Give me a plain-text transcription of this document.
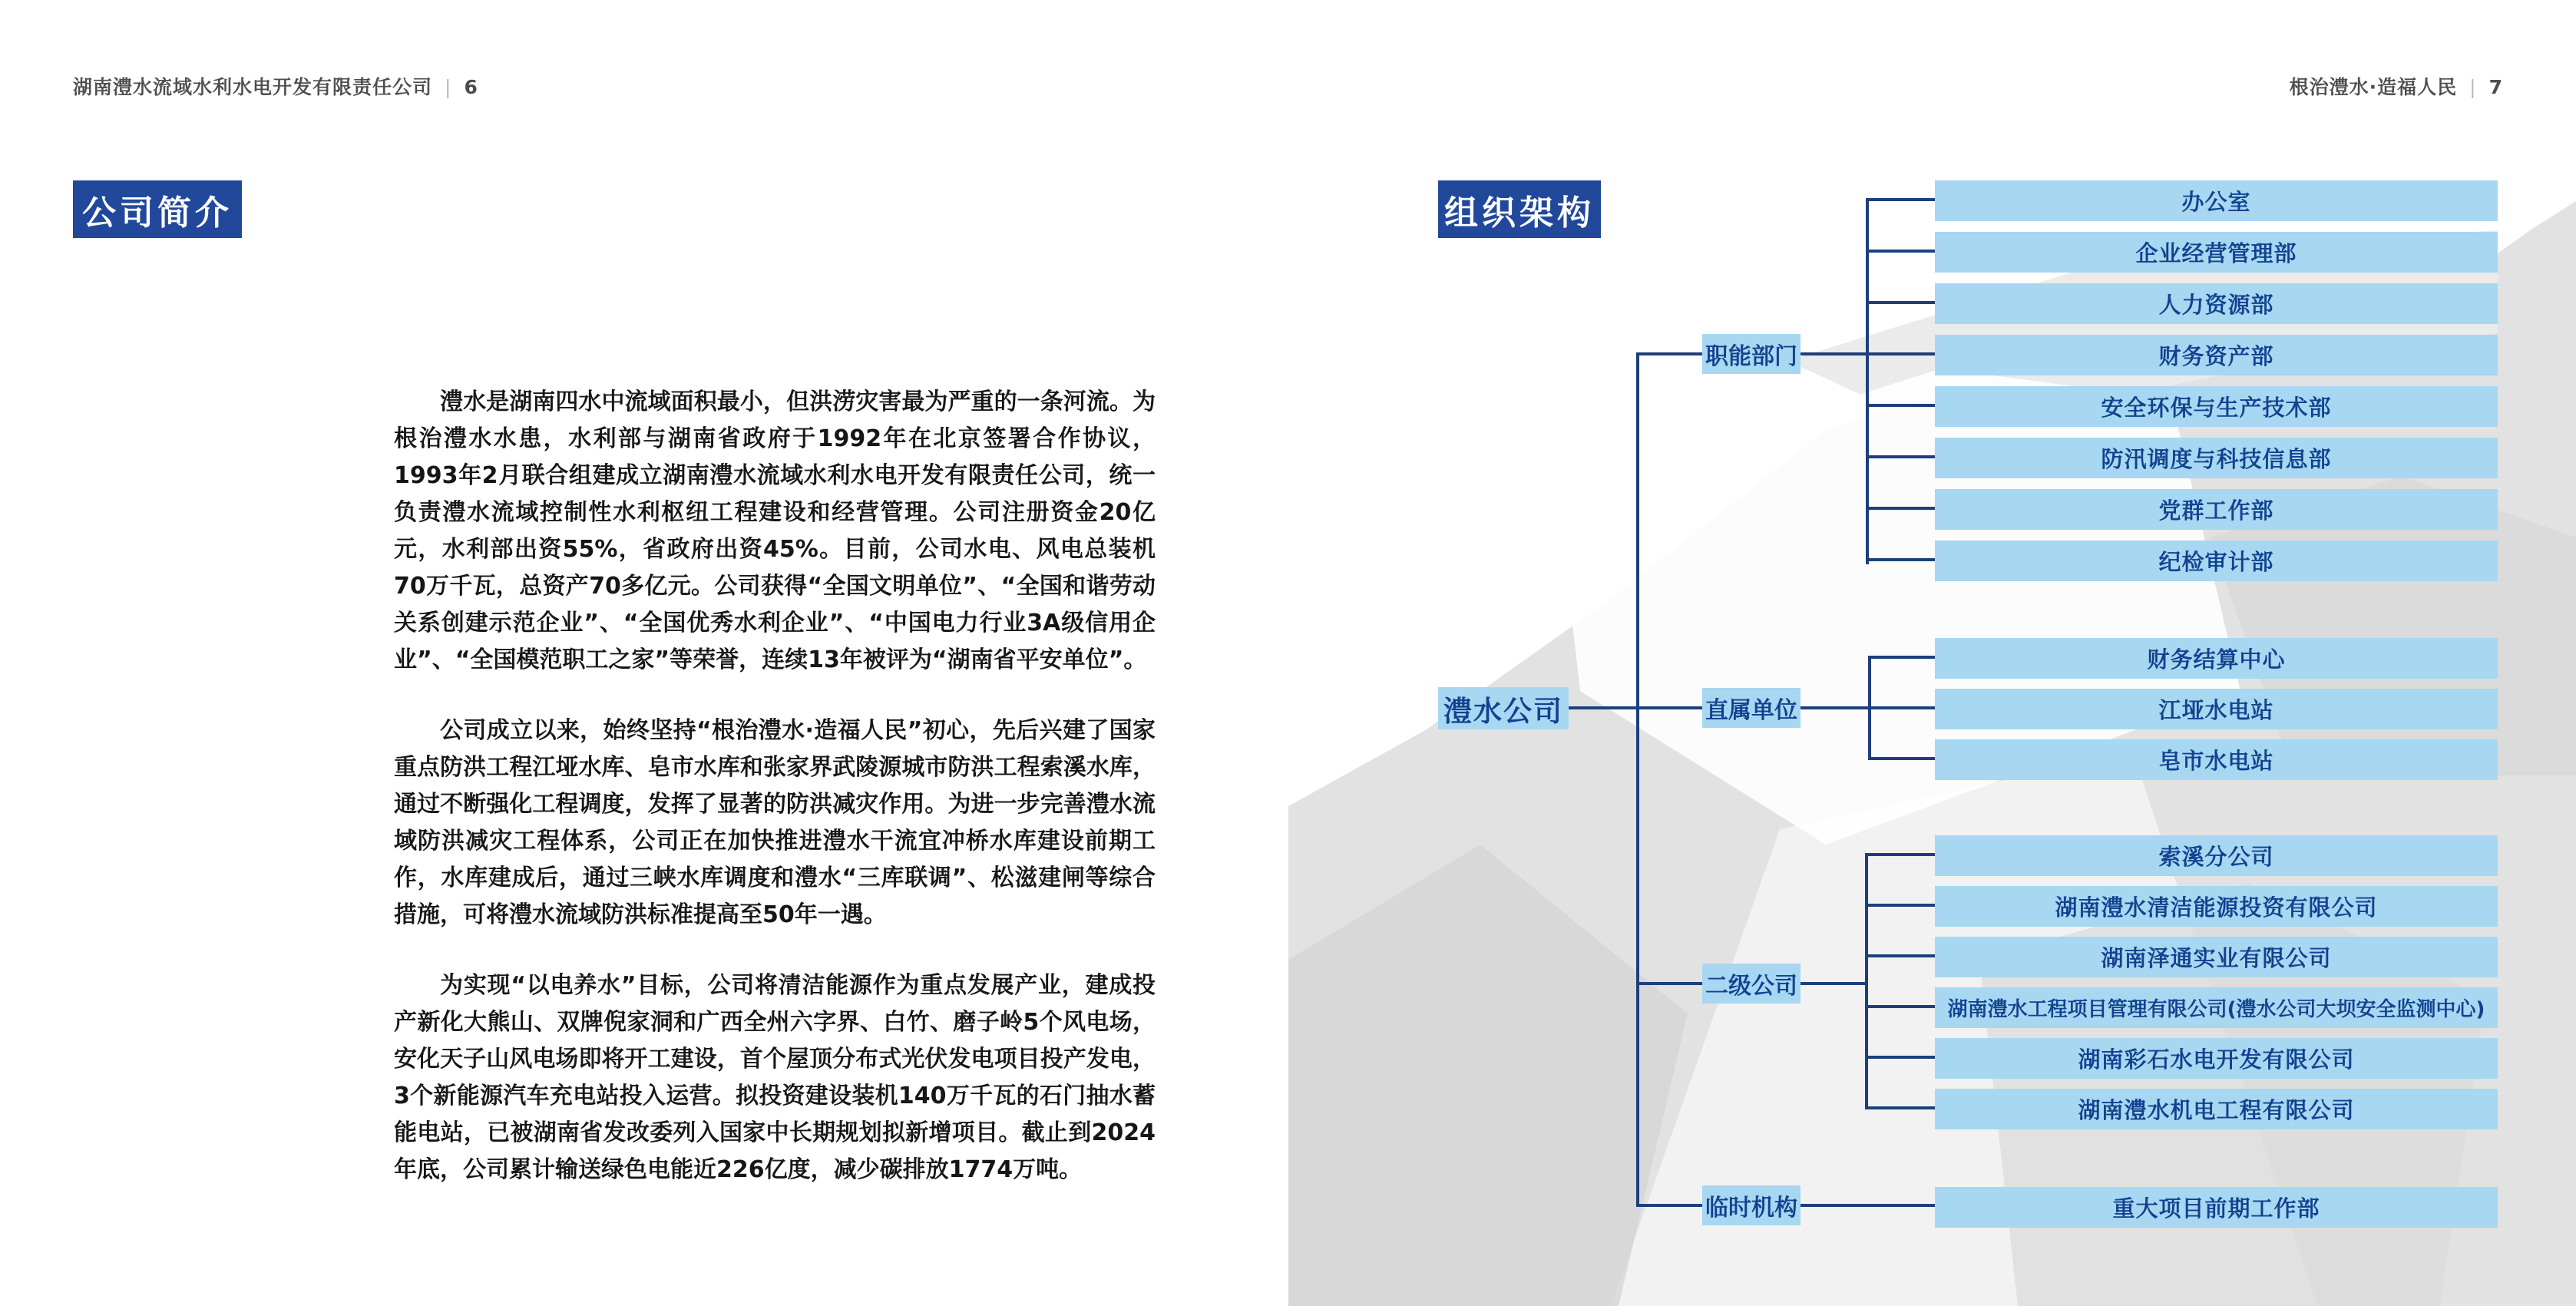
湖南澧水流域水利水电开发有限责任公司 | 6	根治澧水·造福人民 | 7
公司简介

澧水是湖南四水中流域面积最小，但洪涝灾害最为严重的一条河流。为根治澧水水患，水利部与湖南省政府于1992年在北京签署合作协议，1993年2月联合组建成立湖南澧水流域水利水电开发有限责任公司，统一负责澧水流域控制性水利枢纽工程建设和经营管理。公司注册资金20亿元，水利部出资55%，省政府出资45%。目前，公司水电、风电总装机70万千瓦，总资产70多亿元。公司获得“全国文明单位”、“全国和谐劳动关系创建示范企业”、“全国优秀水利企业”、“中国电力行业3A级信用企业”、“全国模范职工之家”等荣誉，连续13年被评为“湖南省平安单位”。

公司成立以来，始终坚持“根治澧水·造福人民”初心，先后兴建了国家重点防洪工程江垭水库、皂市水库和张家界武陵源城市防洪工程索溪水库，通过不断强化工程调度，发挥了显著的防洪减灾作用。为进一步完善澧水流域防洪减灾工程体系，公司正在加快推进澧水干流宜冲桥水库建设前期工作，水库建成后，通过三峡水库调度和澧水“三库联调”、松滋建闸等综合措施，可将澧水流域防洪标准提高至50年一遇。

为实现“以电养水”目标，公司将清洁能源作为重点发展产业，建成投产新化大熊山、双牌倪家洞和广西全州六字界、白竹、磨子岭5个风电场，安化天子山风电场即将开工建设，首个屋顶分布式光伏发电项目投产发电，3个新能源汽车充电站投入运营。拟投资建设装机140万千瓦的石门抽水蓄能电站，已被湖南省发改委列入国家中长期规划拟新增项目。截止到2024年底，公司累计输送绿色电能近226亿度，减少碳排放1774万吨。

组织架构
澧水公司
职能部门
直属单位
二级公司
临时机构
办公室
企业经营管理部
人力资源部
财务资产部
安全环保与生产技术部
防汛调度与科技信息部
党群工作部
纪检审计部
财务结算中心
江垭水电站
皂市水电站
索溪分公司
湖南澧水清洁能源投资有限公司
湖南泽通实业有限公司
湖南澧水工程项目管理有限公司(澧水公司大坝安全监测中心)
湖南彩石水电开发有限公司
湖南澧水机电工程有限公司
重大项目前期工作部
